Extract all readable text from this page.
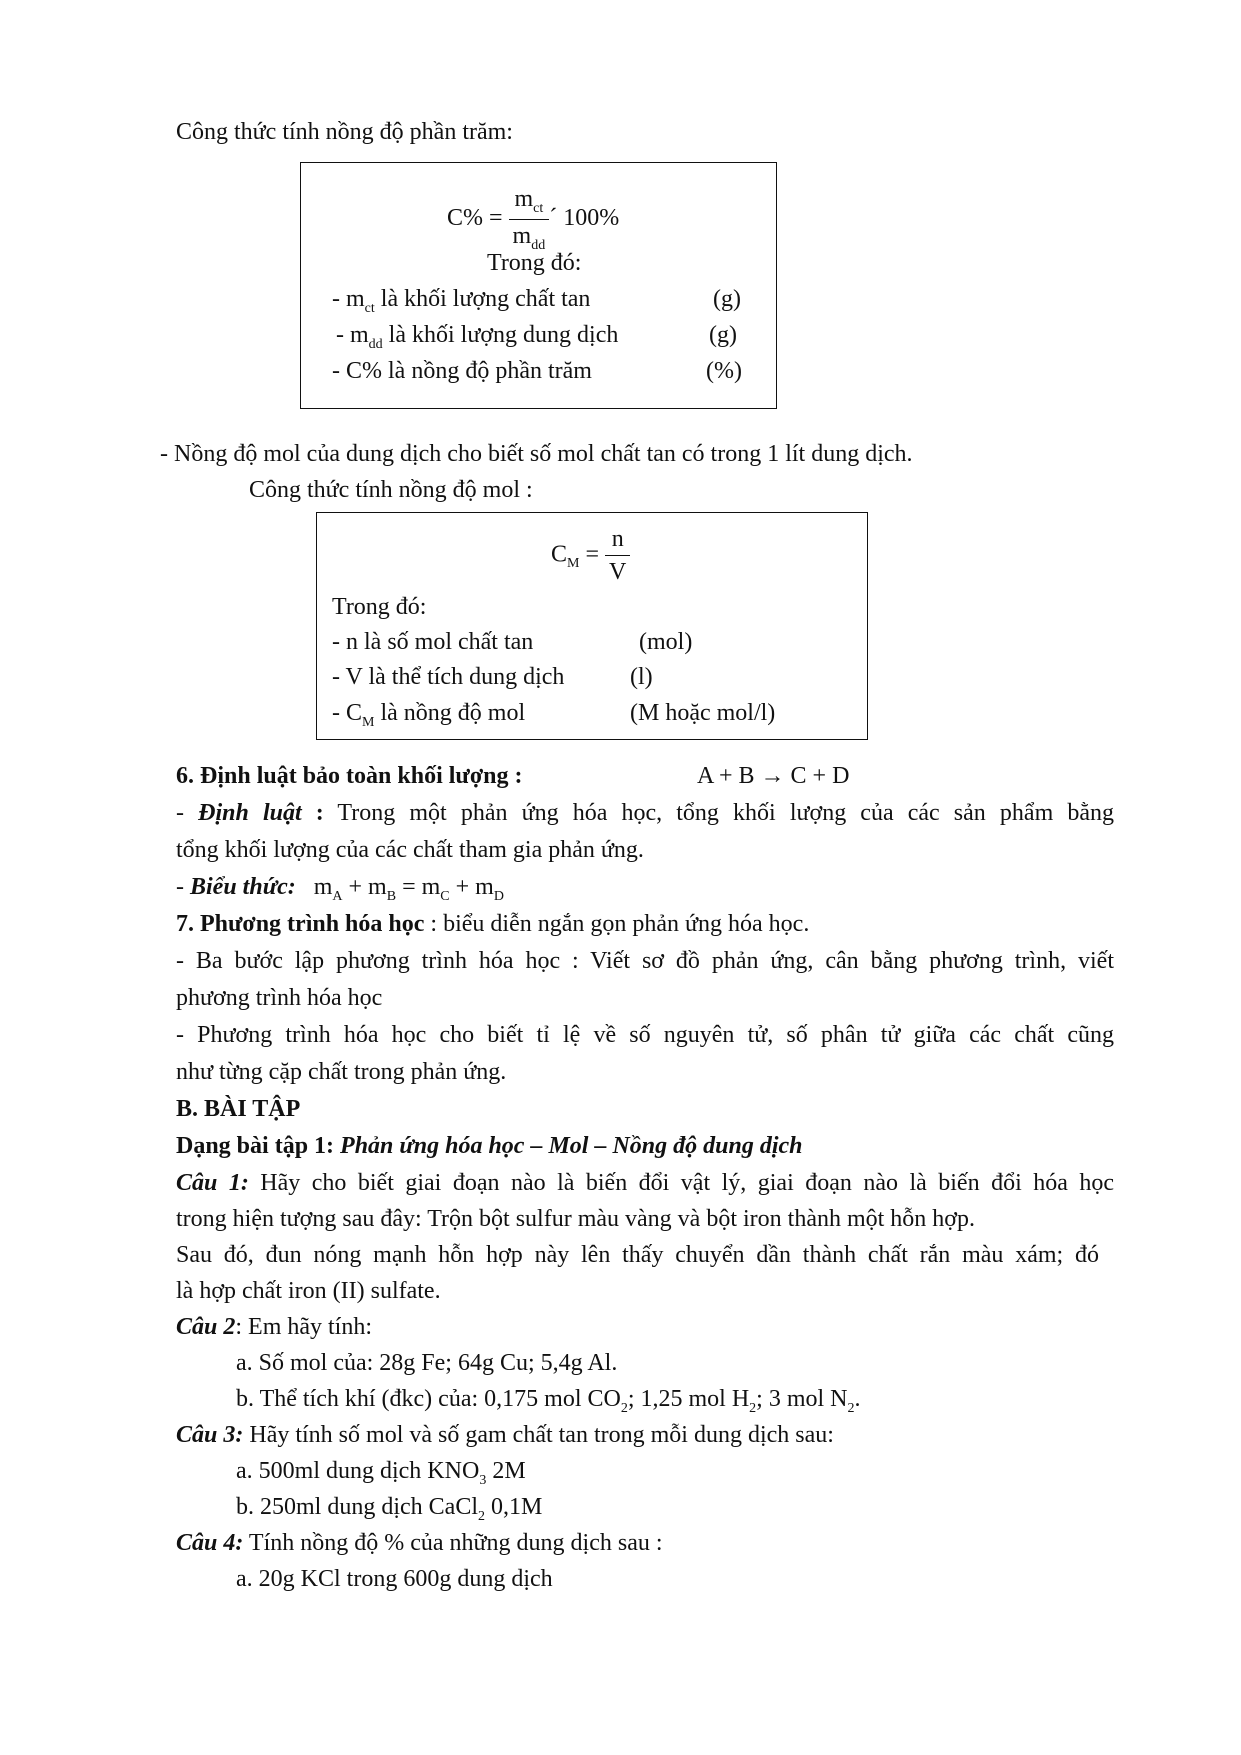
Công thức tính nồng độ phần trăm:
$C\% = \frac{m_{ct}}{m_{dd}}$ ´ 100%
Trong đó:
- $m_{ct}$ là khối lượng chất tan	(g)
- $m_{dd}$ là khối lượng dung dịch	(g)
- C% là nồng độ phần trăm	(%)
- Nồng độ mol của dung dịch cho biết số mol chất tan có trong 1 lít dung dịch.
Công thức tính nồng độ mol :
$C_M = \frac{n}{V}$
Trong đó:
- n là số mol chất tan	(mol)
- V là thể tích dung dịch	(l)
- $C_M$ là nồng độ mol	(M hoặc mol/l)
6. Định luật bảo toàn khối lượng :	A + B → C + D
- Định luật : Trong một phản ứng hóa học, tổng khối lượng của các sản phẩm bằng
tổng khối lượng của các chất tham gia phản ứng.
- Biểu thức: $m_A + m_B = m_C + m_D$
7. Phương trình hóa học : biểu diễn ngắn gọn phản ứng hóa học.
- Ba bước lập phương trình hóa học : Viết sơ đồ phản ứng, cân bằng phương trình, viết
phương trình hóa học
- Phương trình hóa học cho biết tỉ lệ về số nguyên tử, số phân tử giữa các chất cũng
như từng cặp chất trong phản ứng.
B. BÀI TẬP
Dạng bài tập 1: Phản ứng hóa học – Mol – Nồng độ dung dịch
Câu 1: Hãy cho biết giai đoạn nào là biến đổi vật lý, giai đoạn nào là biến đổi hóa học
trong hiện tượng sau đây: Trộn bột sulfur màu vàng và bột iron thành một hỗn hợp.
Sau đó, đun nóng mạnh hỗn hợp này lên thấy chuyển dần thành chất rắn màu xám; đó
là hợp chất iron (II) sulfate.
Câu 2: Em hãy tính:
a. Số mol của: 28g Fe; 64g Cu; 5,4g Al.
b. Thể tích khí (đkc) của: 0,175 mol $CO_2$; 1,25 mol $H_2$; 3 mol $N_2$.
Câu 3: Hãy tính số mol và số gam chất tan trong mỗi dung dịch sau:
a. 500ml dung dịch $KNO_3$ 2M
b. 250ml dung dịch CaCl$_2$ 0,1M
Câu 4: Tính nồng độ % của những dung dịch sau :
a. 20g KCl trong 600g dung dịch
